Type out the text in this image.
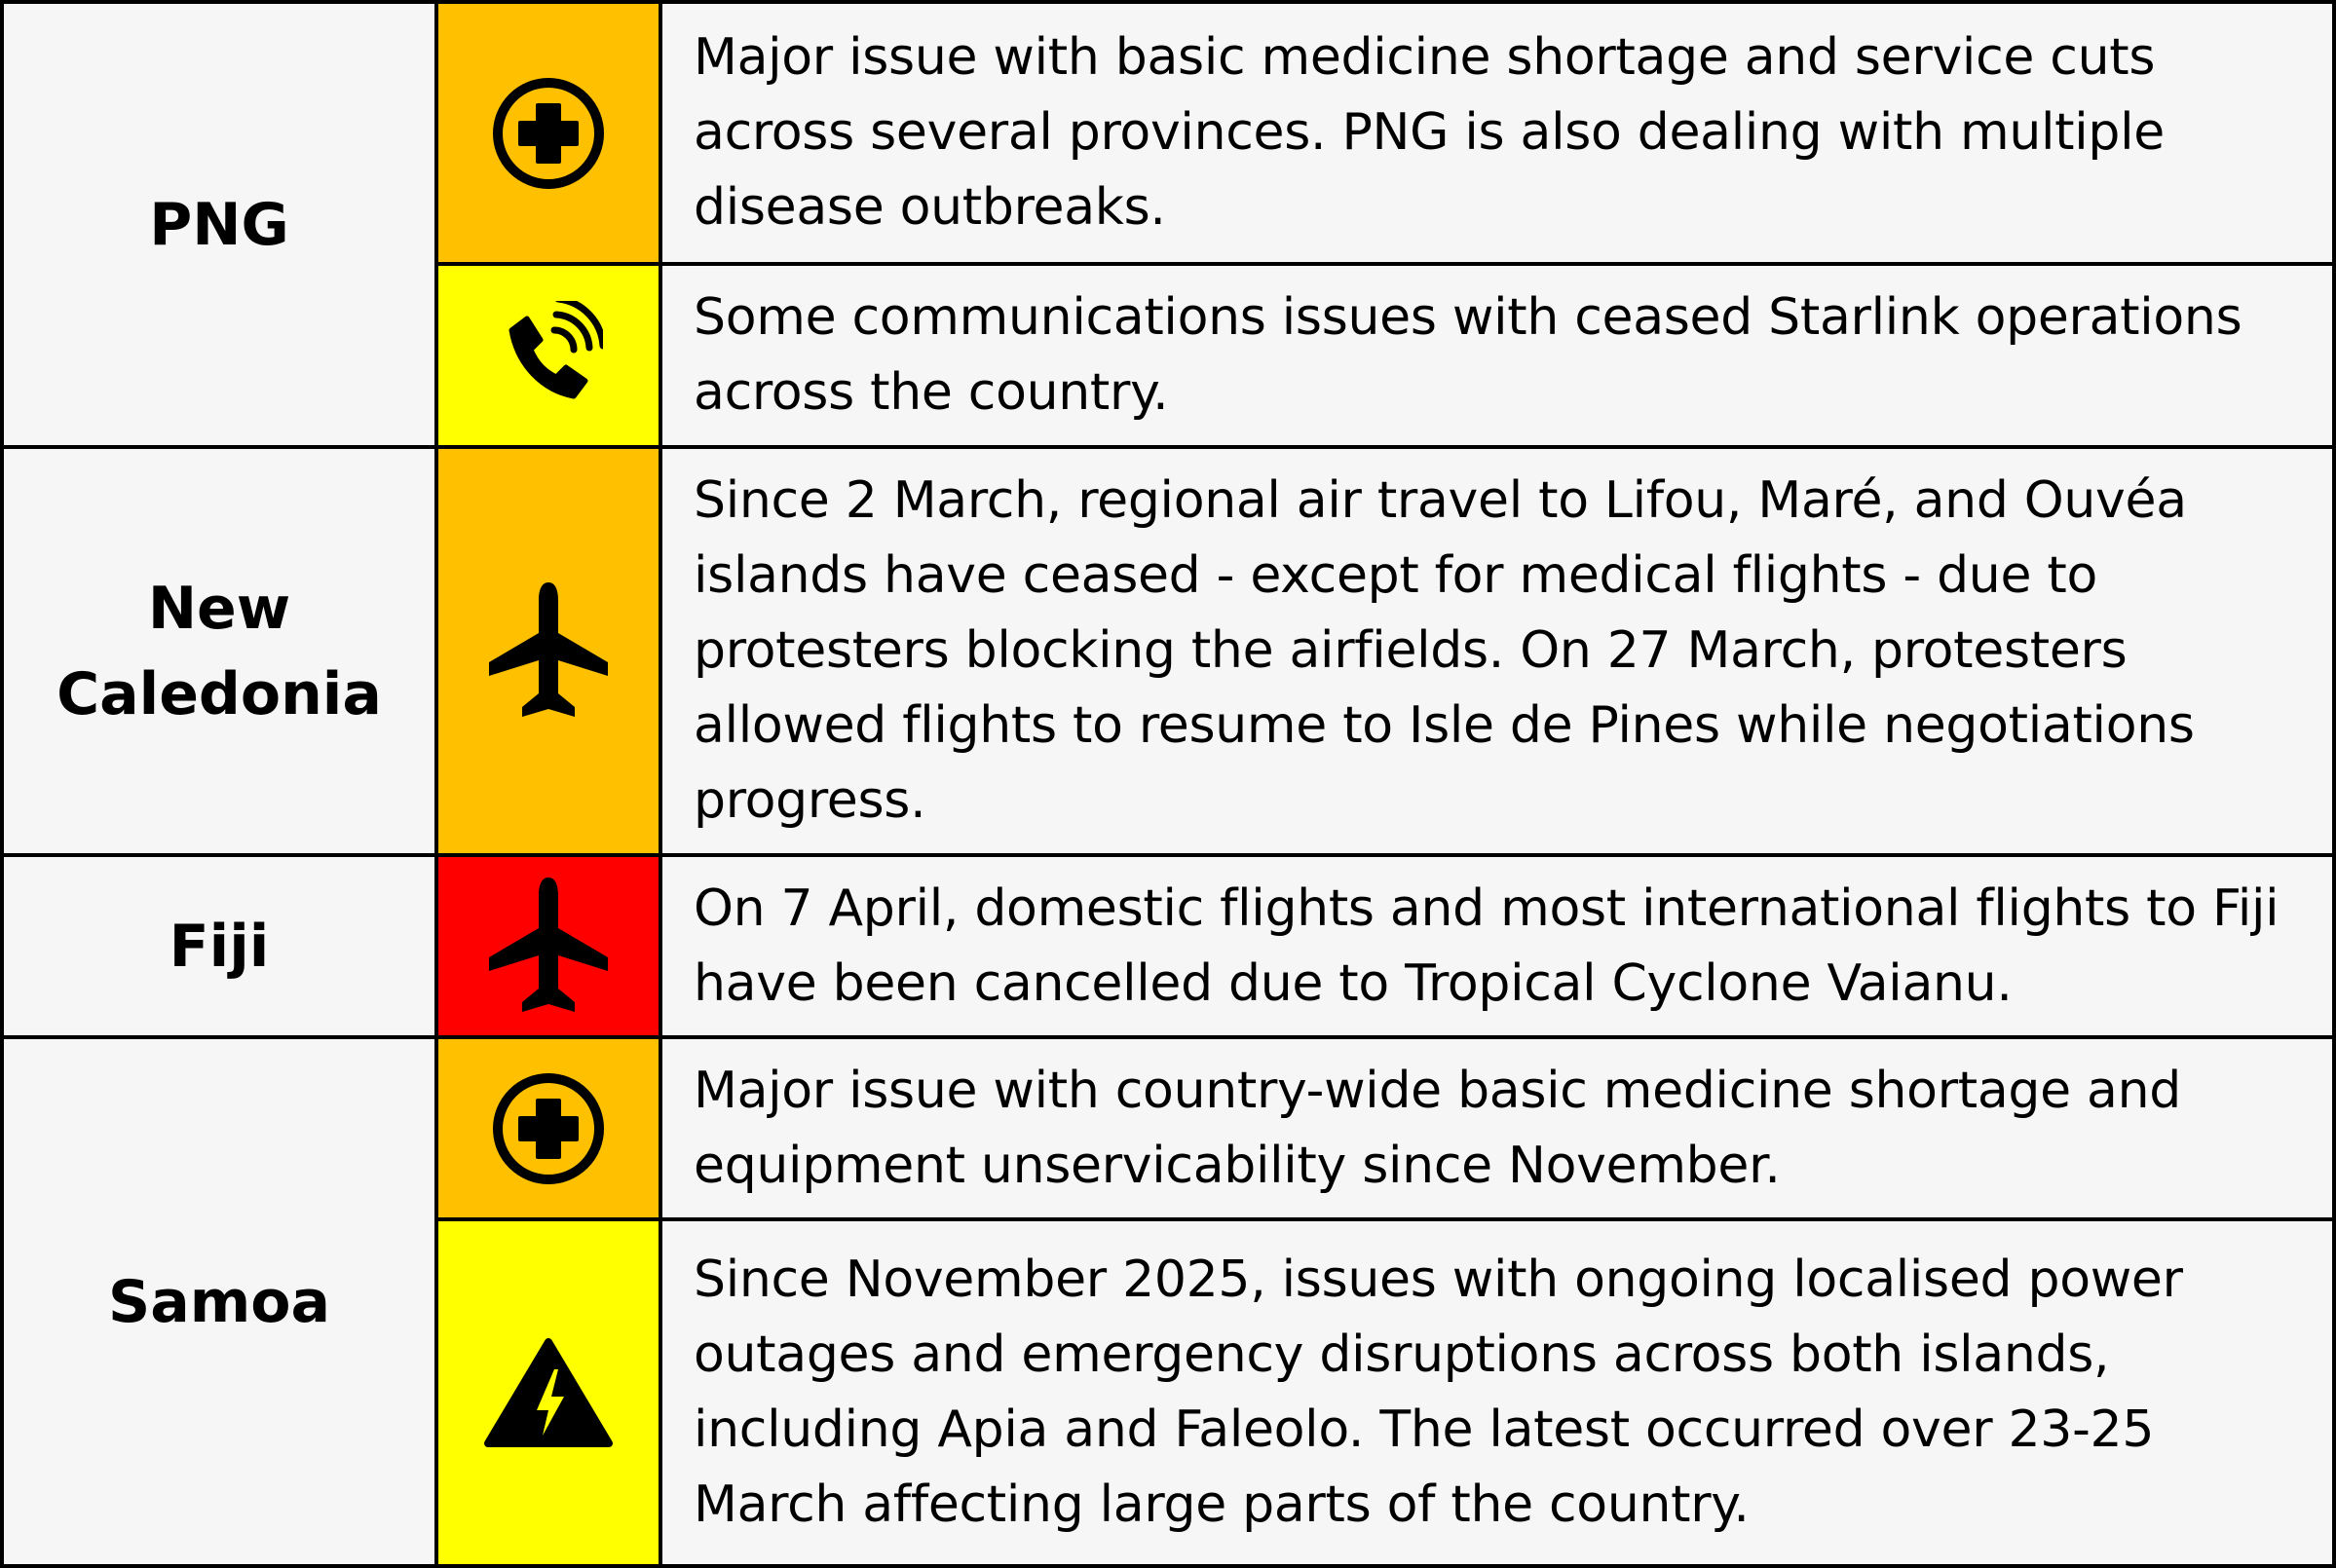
PNG
Major issue with basic medicine shortage and service cuts across several provinces. PNG is also dealing with multiple disease outbreaks.
Some communications issues with ceased Starlink operations across the country.
New Caledonia
Since 2 March, regional air travel to Lifou, Maré, and Ouvéa islands have ceased - except for medical flights - due to protesters blocking the airfields. On 27 March, protesters allowed flights to resume to Isle de Pines while negotiations progress.
Fiji
On 7 April, domestic flights and most international flights to Fiji have been cancelled due to Tropical Cyclone Vaianu.
Samoa
Major issue with country-wide basic medicine shortage and equipment unservicability since November.
Since November 2025, issues with ongoing localised power outages and emergency disruptions across both islands, including Apia and Faleolo. The latest occurred over 23-25 March affecting large parts of the country.
